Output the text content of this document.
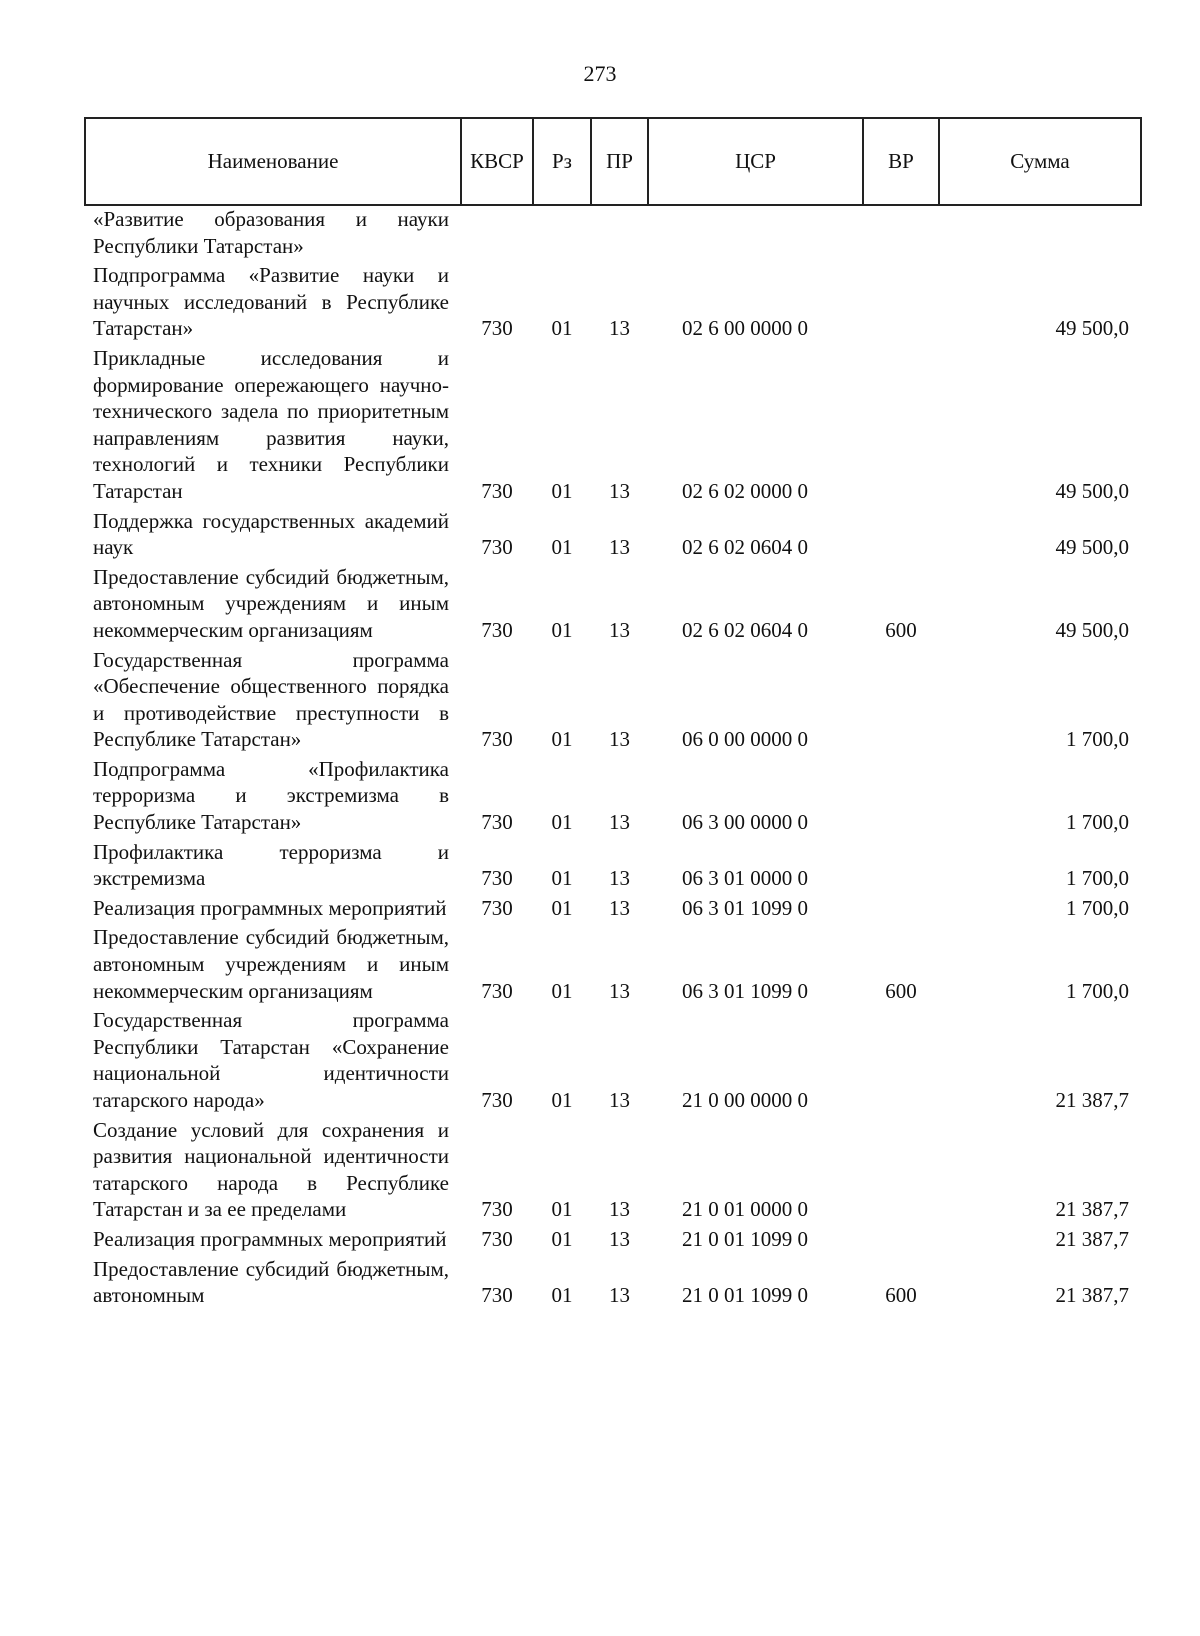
273
Наименование	КВСР	Рз	ПР	ЦСР	ВР	Сумма
«Развитие образования и науки Республики Татарстан»						
Подпрограмма «Развитие науки и научных исследований в Республике Татарстан»	730	01	13	02 6 00 0000 0		49 500,0
Прикладные исследования и формирование опережающего научно-технического задела по приоритетным направлениям развития науки, технологий и техники Республики Татарстан	730	01	13	02 6 02 0000 0		49 500,0
Поддержка государственных академий наук	730	01	13	02 6 02 0604 0		49 500,0
Предоставление субсидий бюджетным, автономным учреждениям и иным некоммерческим организациям	730	01	13	02 6 02 0604 0	600	49 500,0
Государственная программа «Обеспечение общественного порядка и противодействие преступности в Республике Татарстан»	730	01	13	06 0 00 0000 0		1 700,0
Подпрограмма «Профилактика терроризма и экстремизма в Республике Татарстан»	730	01	13	06 3 00 0000 0		1 700,0
Профилактика терроризма и экстремизма	730	01	13	06 3 01 0000 0		1 700,0
Реализация программных мероприятий	730	01	13	06 3 01 1099 0		1 700,0
Предоставление субсидий бюджетным, автономным учреждениям и иным некоммерческим организациям	730	01	13	06 3 01 1099 0	600	1 700,0
Государственная программа Республики Татарстан «Сохранение национальной идентичности татарского народа»	730	01	13	21 0 00 0000 0		21 387,7
Создание условий для сохранения и развития национальной идентичности татарского народа в Республике Татарстан и за ее пределами	730	01	13	21 0 01 0000 0		21 387,7
Реализация программных мероприятий	730	01	13	21 0 01 1099 0		21 387,7
Предоставление субсидий бюджетным, автономным	730	01	13	21 0 01 1099 0	600	21 387,7
